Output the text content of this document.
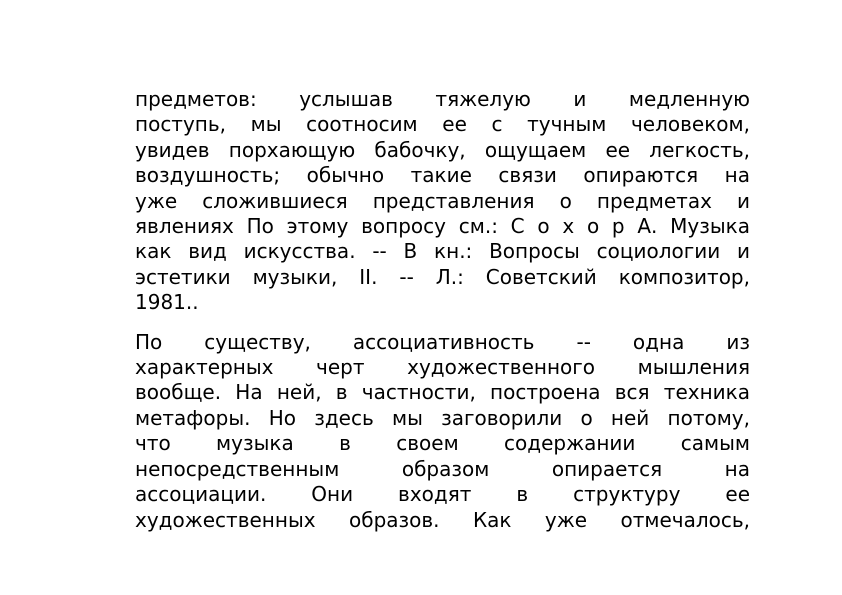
предметов: услышав тяжелую и медленную
поступь, мы соотносим ее с тучным человеком,
увидев порхающую бабочку, ощущаем ее легкость,
воздушность; обычно такие связи опираются на
уже сложившиеся представления о предметах и
явлениях По этому вопросу см.: С о х о р А. Музыка
как вид искусства. -- В кн.: Вопросы социологии и
эстетики музыки, II. -- Л.: Советский композитор,
1981..

По существу, ассоциативность -- одна из
характерных черт художественного мышления
вообще. На ней, в частности, построена вся техника
метафоры. Но здесь мы заговорили о ней потому,
что музыка в своем содержании самым
непосредственным образом опирается на
ассоциации. Они входят в структуру ее
художественных образов. Как уже отмечалось,
